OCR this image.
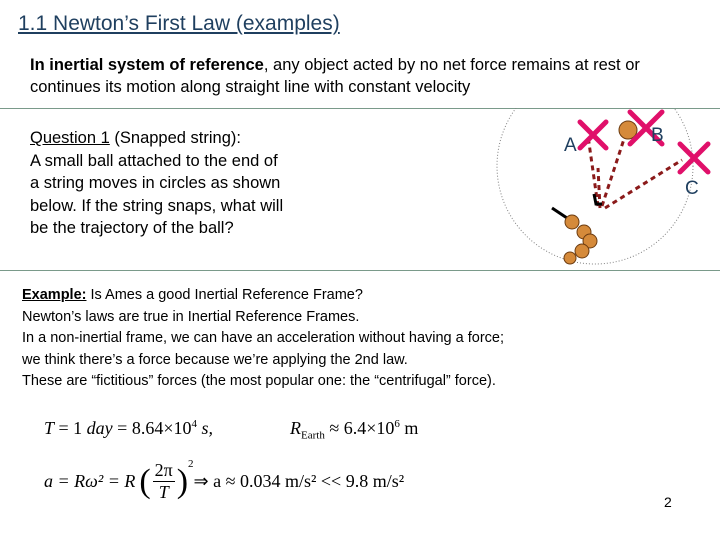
1.1 Newton’s First Law (examples)
In inertial system of reference, any object acted by no net force remains at rest or continues its motion along straight line with constant velocity
Question 1 (Snapped string):
A small ball attached to the end of
a string moves in circles as shown
below. If the string snaps, what will
be the trajectory of the ball?
A	B
C
Example: Is Ames a good Inertial Reference Frame?
Newton’s laws are true in Inertial Reference Frames.
In a non-inertial frame, we can have an acceleration without having a force;
we think there’s a force because we’re applying the 2nd law.
These are “fictitious” forces (the most popular one: the “centrifugal” force).
T = 1 day = $8.64\times 10^4$ s,	$R_{Earth} \approx 6.4\times 10^6$ m
a = Rω² = R ( 2π
T )$^2$
⇒ a ≈ 0.034 m/s² << 9.8 m/s²
2
